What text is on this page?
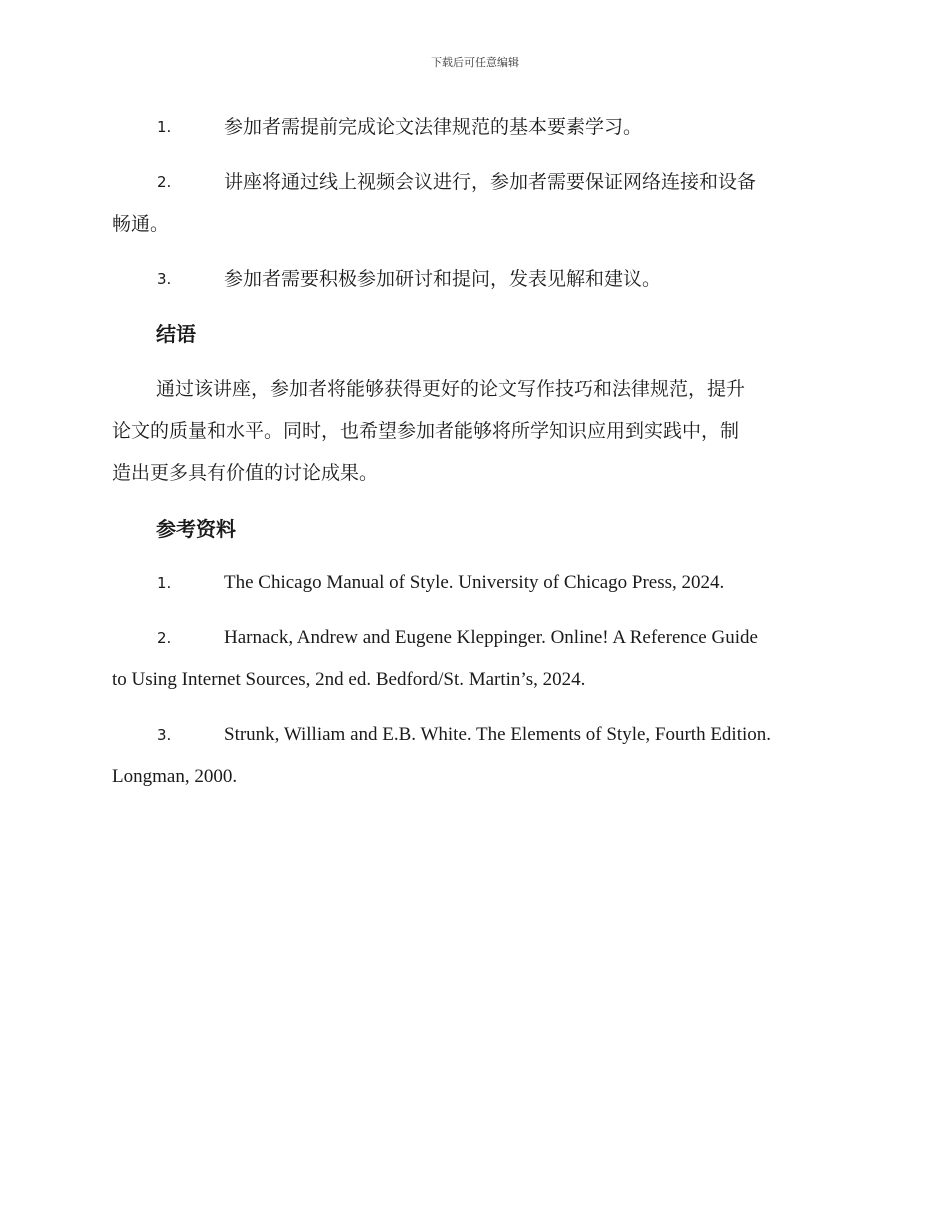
下载后可任意编辑
1.	参加者需提前完成论文法律规范的基本要素学习。
2.	讲座将通过线上视频会议进行，参加者需要保证网络连接和设备
畅通。
3.	参加者需要积极参加研讨和提问，发表见解和建议。
结语
通过该讲座，参加者将能够获得更好的论文写作技巧和法律规范，提升
论文的质量和水平。同时，也希望参加者能够将所学知识应用到实践中，制
造出更多具有价值的讨论成果。
参考资料
1.	The Chicago Manual of Style. University of Chicago Press, 2024.
2.	Harnack, Andrew and Eugene Kleppinger. Online! A Reference Guide
to Using Internet Sources, 2nd ed. Bedford/St. Martin’s, 2024.
3.	Strunk, William and E.B. White. The Elements of Style, Fourth Edition.
Longman, 2000.
